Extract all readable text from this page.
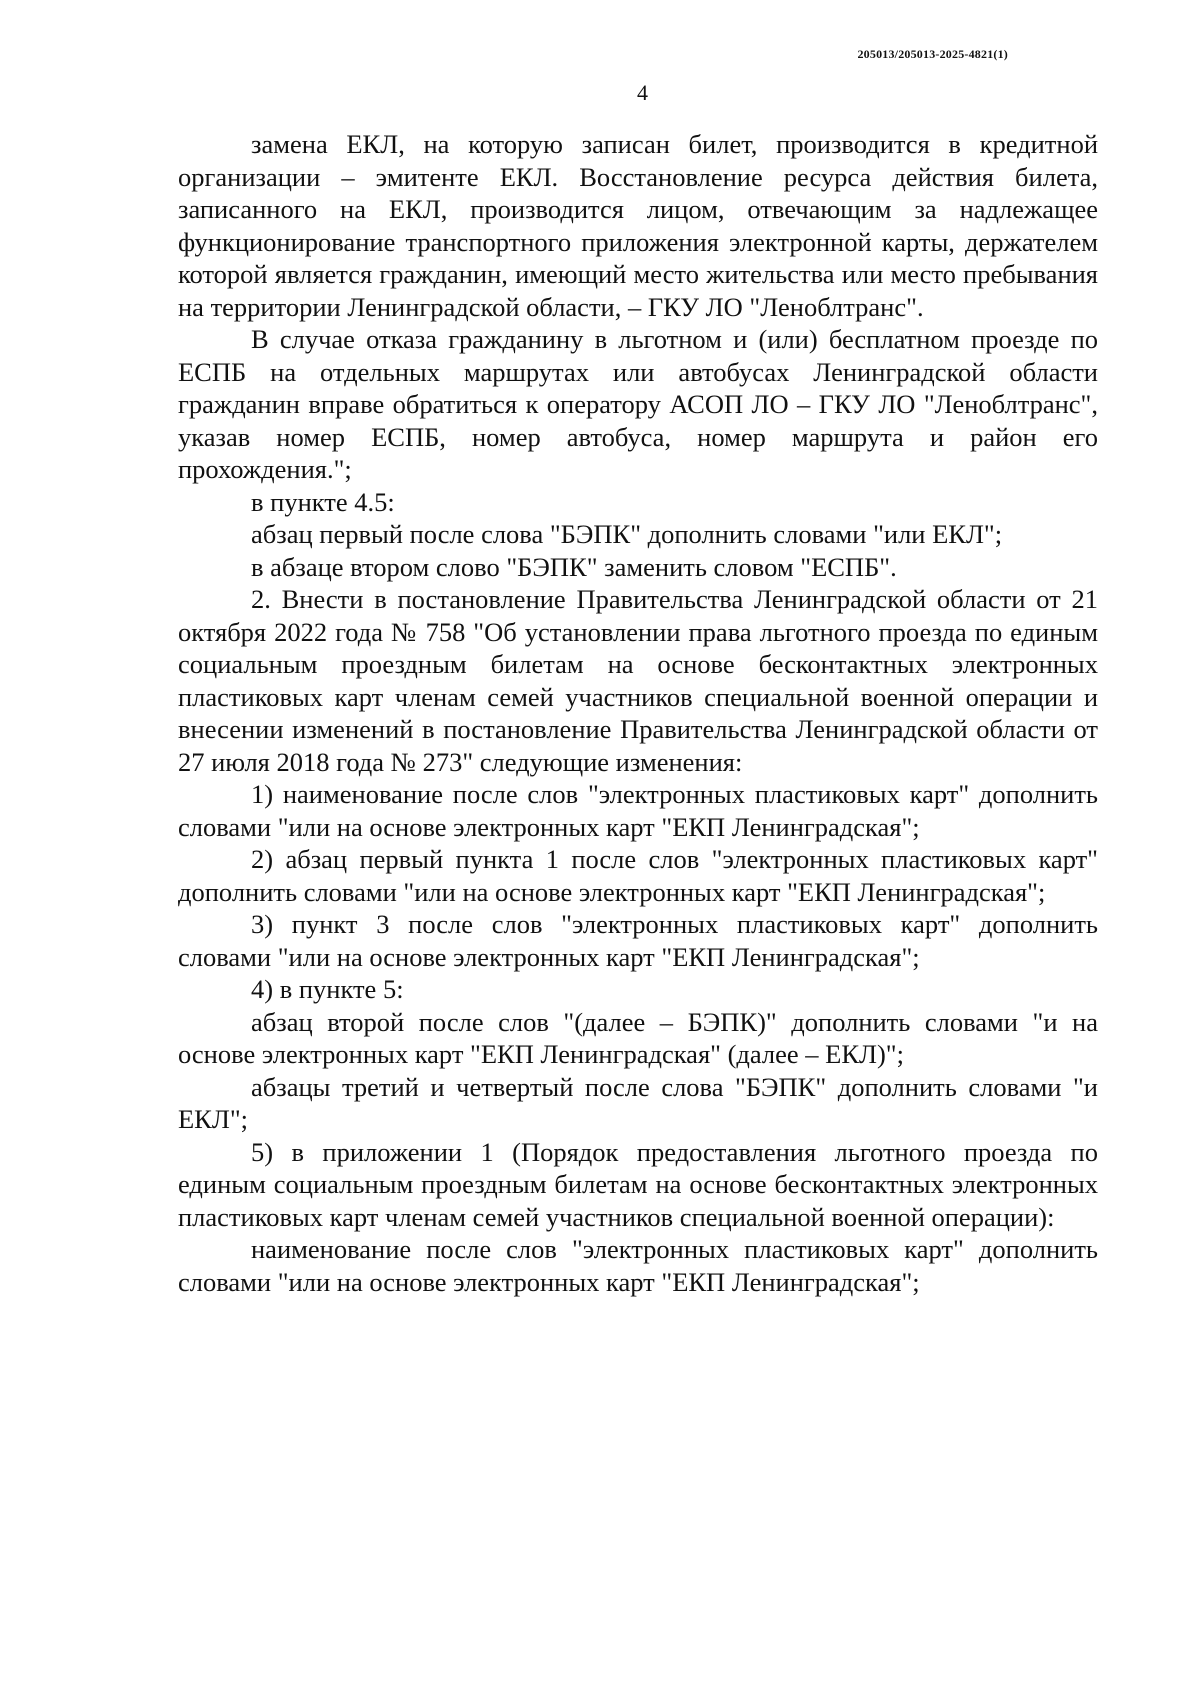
205013/205013-2025-4821(1)
4

замена ЕКЛ, на которую записан билет, производится в кредитной организации – эмитенте ЕКЛ. Восстановление ресурса действия билета, записанного на ЕКЛ, производится лицом, отвечающим за надлежащее функционирование транспортного приложения электронной карты, держателем которой является гражданин, имеющий место жительства или место пребывания на территории Ленинградской области, – ГКУ ЛО "Леноблтранс".

В случае отказа гражданину в льготном и (или) бесплатном проезде по ЕСПБ на отдельных маршрутах или автобусах Ленинградской области гражданин вправе обратиться к оператору АСОП ЛО – ГКУ ЛО "Леноблтранс", указав номер ЕСПБ, номер автобуса, номер маршрута и район его прохождения.";

в пункте 4.5:

абзац первый после слова "БЭПК" дополнить словами "или ЕКЛ";

в абзаце втором слово "БЭПК" заменить словом "ЕСПБ".

2. Внести в постановление Правительства Ленинградской области от 21 октября 2022 года № 758 "Об установлении права льготного проезда по единым социальным проездным билетам на основе бесконтактных электронных пластиковых карт членам семей участников специальной военной операции и внесении изменений в постановление Правительства Ленинградской области от 27 июля 2018 года № 273" следующие изменения:

1) наименование после слов "электронных пластиковых карт" дополнить словами "или на основе электронных карт "ЕКП Ленинградская";

2) абзац первый пункта 1 после слов "электронных пластиковых карт" дополнить словами "или на основе электронных карт "ЕКП Ленинградская";

3) пункт 3 после слов "электронных пластиковых карт" дополнить словами "или на основе электронных карт "ЕКП Ленинградская";

4) в пункте 5:

абзац второй после слов "(далее – БЭПК)" дополнить словами "и на основе электронных карт "ЕКП Ленинградская" (далее – ЕКЛ)";

абзацы третий и четвертый после слова "БЭПК" дополнить словами "и ЕКЛ";

5) в приложении 1 (Порядок предоставления льготного проезда по единым социальным проездным билетам на основе бесконтактных электронных пластиковых карт членам семей участников специальной военной операции):

наименование после слов "электронных пластиковых карт" дополнить словами "или на основе электронных карт "ЕКП Ленинградская";
